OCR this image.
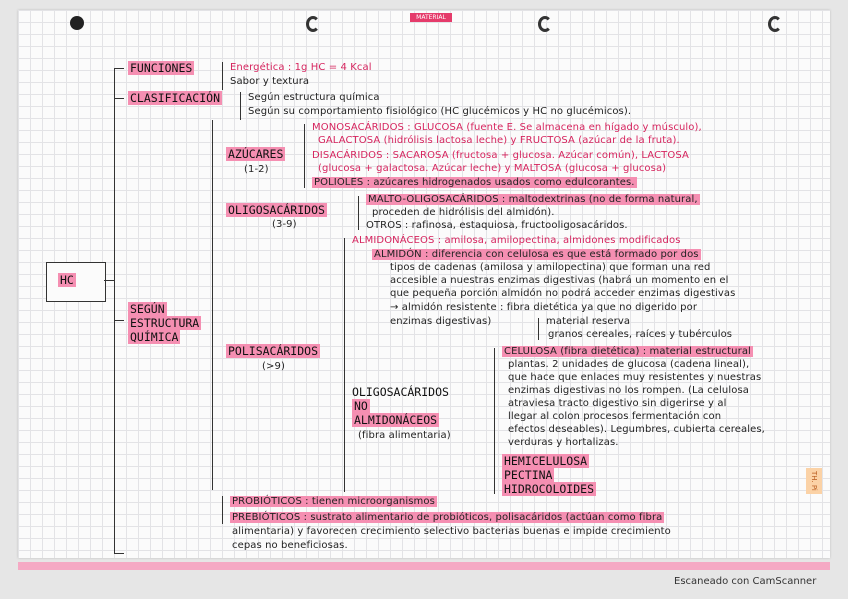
MATERIAL
HC
FUNCIONES	Energética : 1g HC = 4 Kcal
Sabor y textura
CLASIFICACIÓN	Según estructura química
Según su comportamiento fisiológico (HC glucémicos y HC no glucémicos).
SEGÚN
ESTRUCTURA
QUÍMICA
AZÚCARES
(1-2)
MONOSACÁRIDOS : GLUCOSA (fuente E. Se almacena en hígado y músculo),
GALACTOSA (hidrólisis lactosa leche) y FRUCTOSA (azúcar de la fruta).
DISACÁRIDOS : SACAROSA (fructosa + glucosa. Azúcar común), LACTOSA
(glucosa + galactosa. Azúcar leche) y MALTOSA (glucosa + glucosa)
POLIOLES : azúcares hidrogenados usados como edulcorantes.
OLIGOSACÁRIDOS
(3-9)
MALTO-OLIGOSACÁRIDOS : maltodextrinas (no de forma natural,
proceden de hidrólisis del almidón).
OTROS : rafinosa, estaquiosa, fructooligosacáridos.
POLISACÁRIDOS
(>9)
ALMIDONÁCEOS : amilosa, amilopectina, almidones modificados
ALMIDÓN : diferencia con celulosa es que está formado por dos
tipos de cadenas (amilosa y amilopectina) que forman una red
accesible a nuestras enzimas digestivas (habrá un momento en el
que pequeña porción almidón no podrá acceder enzimas digestivas
→ almidón resistente : fibra dietética ya que no digerido por
enzimas digestivas)	material reserva
granos cereales, raíces y tubérculos
OLIGOSACÁRIDOS
NO
ALMIDONÁCEOS
(fibra alimentaria)
CELULOSA (fibra dietética) : material estructural
plantas. 2 unidades de glucosa (cadena lineal),
que hace que enlaces muy resistentes y nuestras
enzimas digestivas no los rompen. (La celulosa
atraviesa tracto digestivo sin digerirse y al
llegar al colon procesos fermentación con
efectos deseables). Legumbres, cubierta cereales,
verduras y hortalizas.
HEMICELULOSA
PECTINA
HIDROCOLOIDES
PROBIÓTICOS : tienen microorganismos
PREBIÓTICOS : sustrato alimentario de probióticos, polisacáridos (actúan como fibra
alimentaria) y favorecen crecimiento selectivo bacterias buenas e impide crecimiento
cepas no beneficiosas.
TH. Pi
Escaneado con CamScanner
